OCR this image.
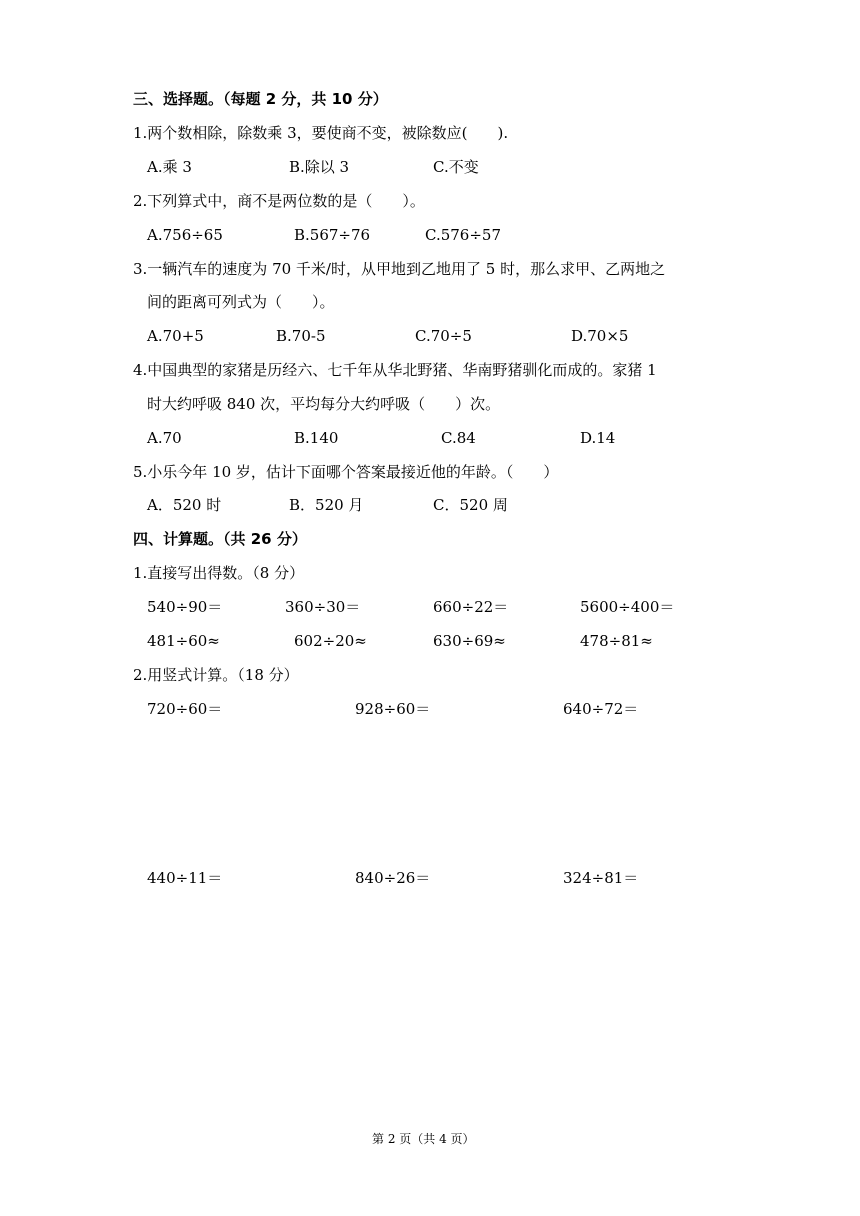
三、选择题。（每题 2 分，共 10 分）
1.两个数相除，除数乘 3，要使商不变，被除数应(　　).
A.乘 3	B.除以 3	C.不变
2.下列算式中，商不是两位数的是（　　）。
A.756÷65	B.567÷76	C.576÷57
3.一辆汽车的速度为 70 千米/时，从甲地到乙地用了 5 时，那么求甲、乙两地之
间的距离可列式为（　　）。
A.70+5	B.70-5	C.70÷5	D.70×5
4.中国典型的家猪是历经六、七千年从华北野猪、华南野猪驯化而成的。家猪 1
时大约呼吸 840 次，平均每分大约呼吸（　　）次。
A.70	B.140	C.84	D.14
5.小乐今年 10 岁，估计下面哪个答案最接近他的年龄。（　　）
A．520 时	B．520 月	C．520 周
四、计算题。（共 26 分）
1.直接写出得数。（8 分）
540÷90＝	360÷30＝	660÷22＝	5600÷400＝
481÷60≈	602÷20≈	630÷69≈	478÷81≈
2.用竖式计算。（18 分）
720÷60＝	928÷60＝	640÷72＝
440÷11＝	840÷26＝	324÷81＝
第 2 页（共 4 页）
